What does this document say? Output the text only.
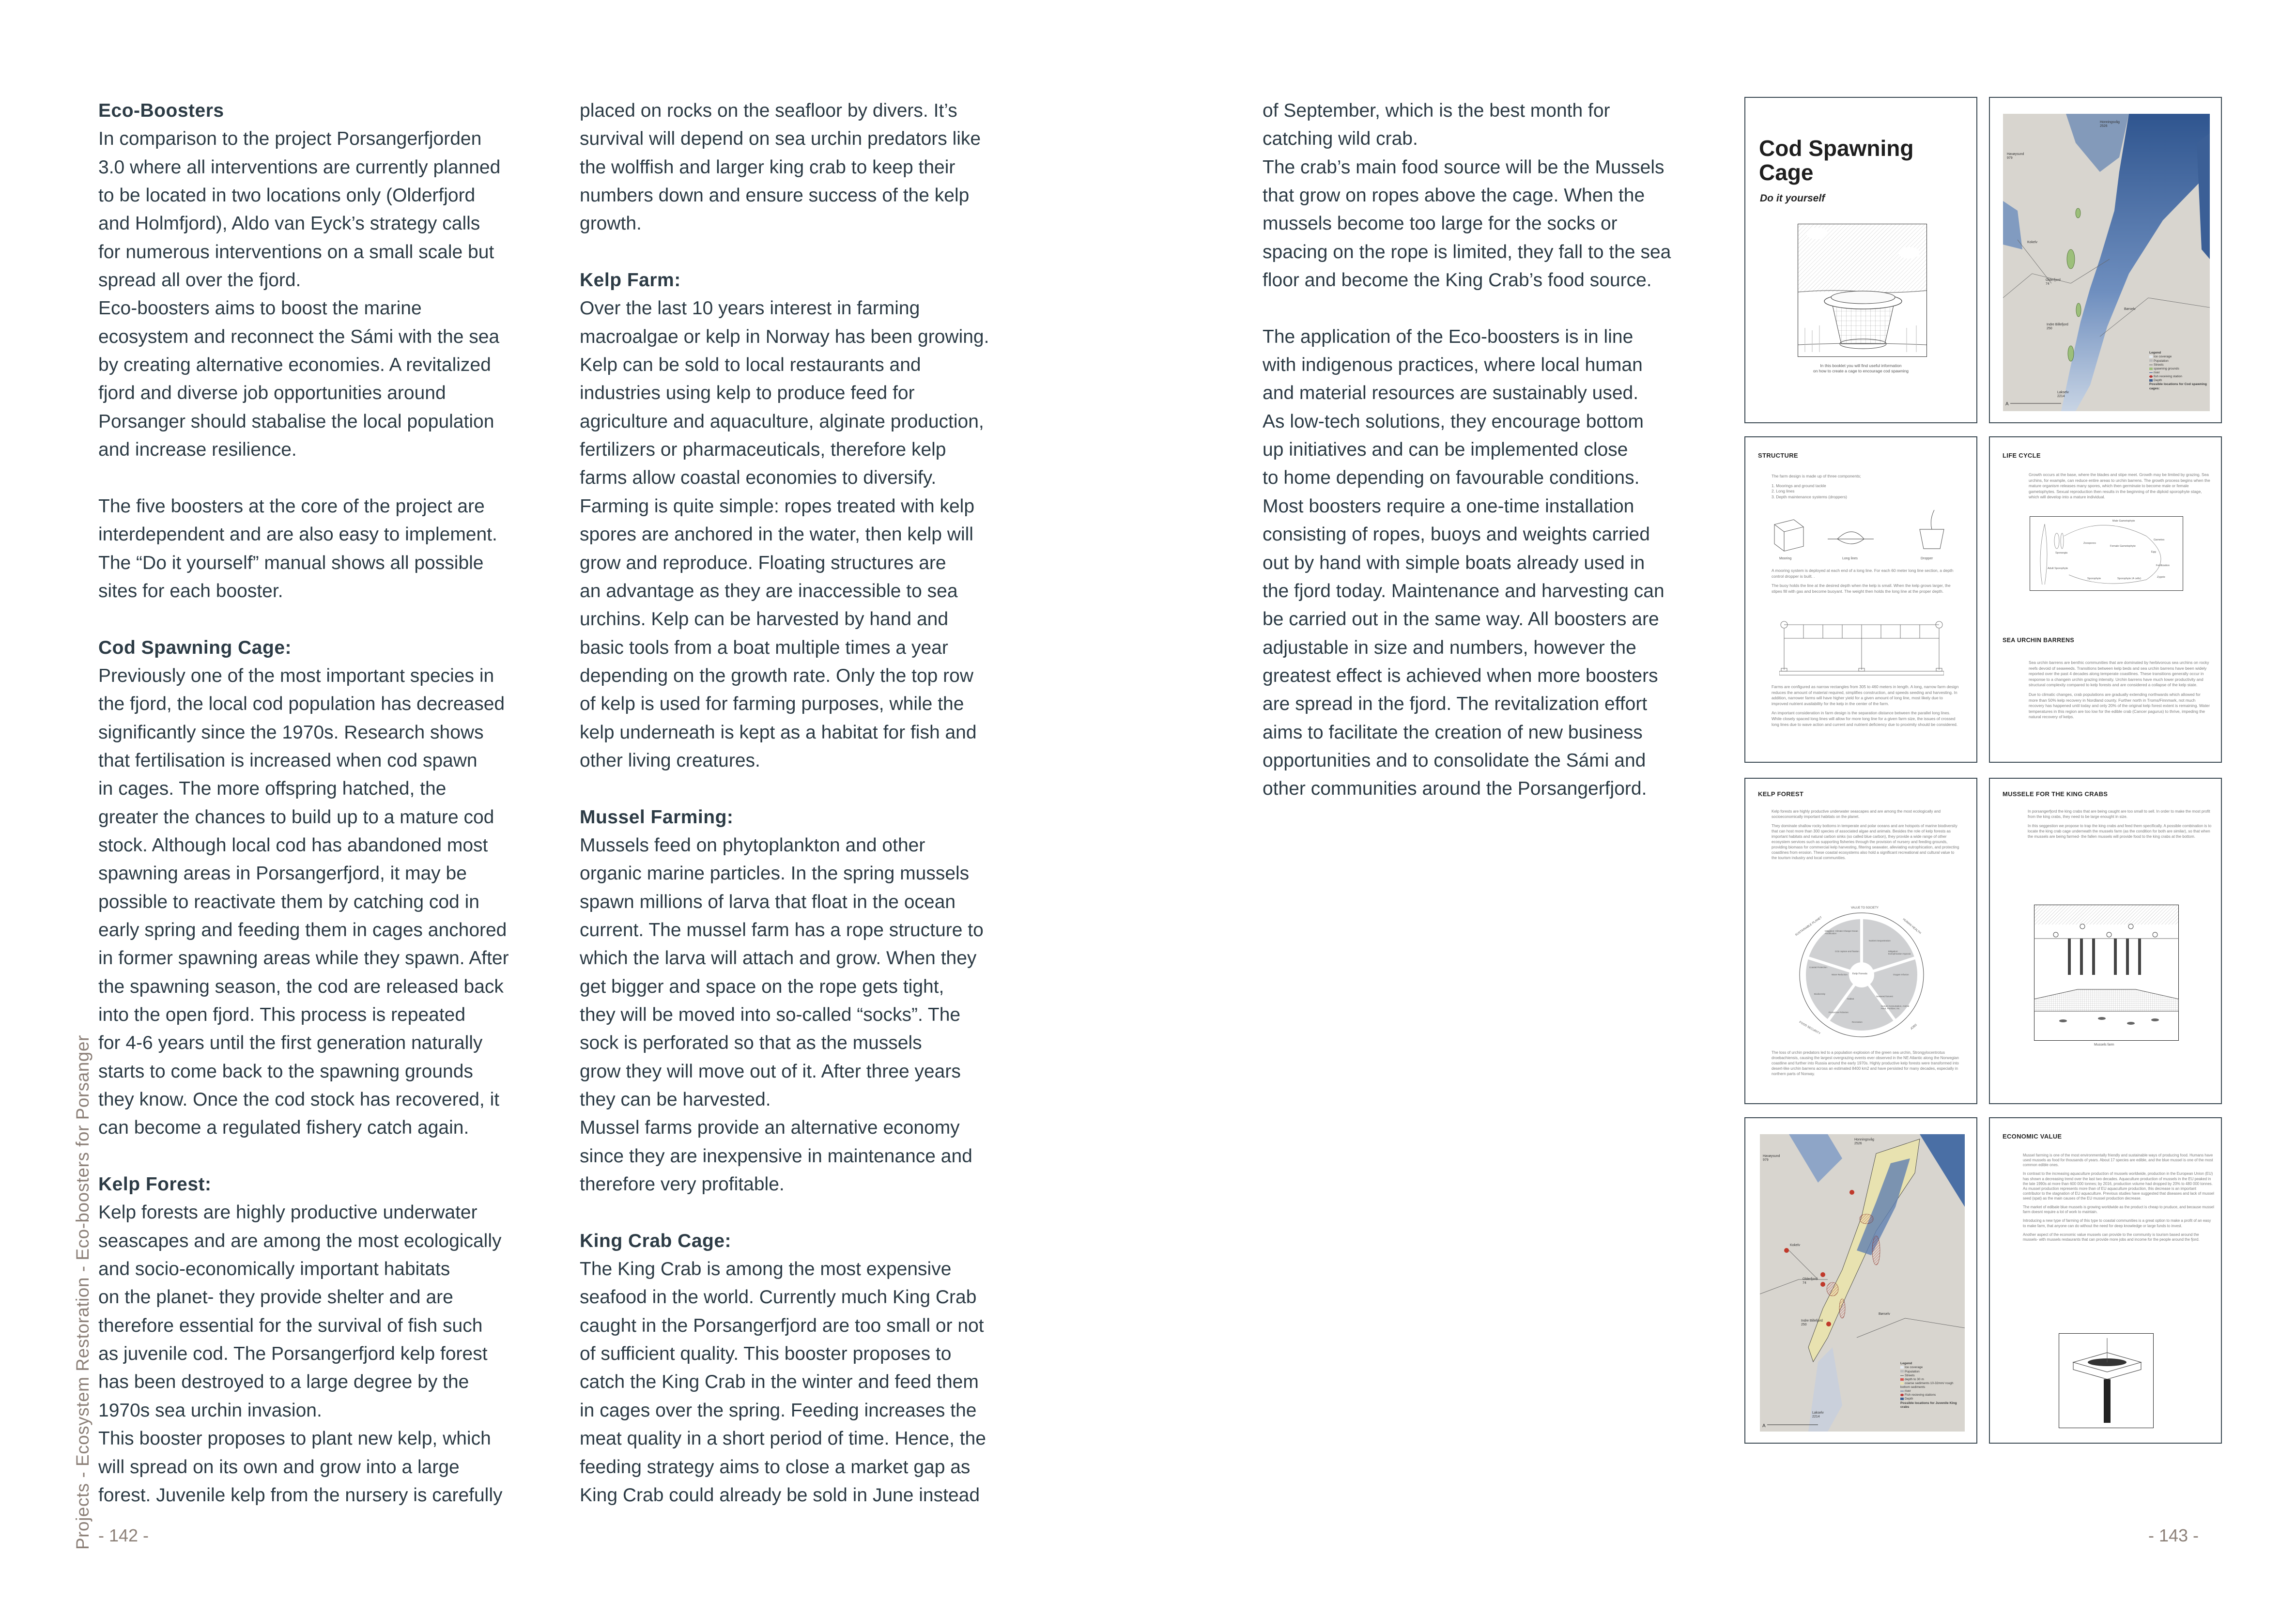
Projects - Ecosystem Restoration - Eco-boosters for Porsanger - 142 -	- 143 -
Eco-Boosters
In comparison to the project Porsangerfjorden
3.0 where all interventions are currently planned
to be located in two locations only (Olderfjord
and Holmfjord), Aldo van Eyck’s strategy calls
for numerous interventions on a small scale but
spread all over the fjord.
Eco-boosters aims to boost the marine
ecosystem and reconnect the Sámi with the sea
by creating alternative economies. A revitalized
fjord and diverse job opportunities around
Porsanger should stabalise the local population
and increase resilience.
The five boosters at the core of the project are
interdependent and are also easy to implement.
The “Do it yourself” manual shows all possible
sites for each booster.
Cod Spawning Cage:
Previously one of the most important species in
the fjord, the local cod population has decreased
significantly since the 1970s. Research shows
that fertilisation is increased when cod spawn
in cages. The more offspring hatched, the
greater the chances to build up to a mature cod
stock. Although local cod has abandoned most
spawning areas in Porsangerfjord, it may be
possible to reactivate them by catching cod in
early spring and feeding them in cages anchored
in former spawning areas while they spawn. After
the spawning season, the cod are released back
into the open fjord. This process is repeated
for 4-6 years until the first generation naturally
starts to come back to the spawning grounds
they know. Once the cod stock has recovered, it
can become a regulated fishery catch again.
Kelp Forest:
Kelp forests are highly productive underwater
seascapes and are among the most ecologically
and socio-economically important habitats
on the planet- they provide shelter and are
therefore essential for the survival of fish such
as juvenile cod. The Porsangerfjord kelp forest
has been destroyed to a large degree by the
1970s sea urchin invasion.
This booster proposes to plant new kelp, which
will spread on its own and grow into a large
forest. Juvenile kelp from the nursery is carefully
placed on rocks on the seafloor by divers. It’s
survival will depend on sea urchin predators like
the wolffish and larger king crab to keep their
numbers down and ensure success of the kelp
growth.
Kelp Farm:
Over the last 10 years interest in farming
macroalgae or kelp in Norway has been growing.
Kelp can be sold to local restaurants and
industries using kelp to produce feed for
agriculture and aquaculture, alginate production,
fertilizers or pharmaceuticals, therefore kelp
farms allow coastal economies to diversify.
Farming is quite simple: ropes treated with kelp
spores are anchored in the water, then kelp will
grow and reproduce. Floating structures are
an advantage as they are inaccessible to sea
urchins. Kelp can be harvested by hand and
basic tools from a boat multiple times a year
depending on the growth rate. Only the top row
of kelp is used for farming purposes, while the
kelp underneath is kept as a habitat for fish and
other living creatures.
Mussel Farming:
Mussels feed on phytoplankton and other
organic marine particles. In the spring mussels
spawn millions of larva that float in the ocean
current. The mussel farm has a rope structure to
which the larva will attach and grow. When they
get bigger and space on the rope gets tight,
they will be moved into so-called “socks”. The
sock is perforated so that as the mussels
grow they will move out of it. After three years
they can be harvested.
Mussel farms provide an alternative economy
since they are inexpensive in maintenance and
therefore very profitable.
King Crab Cage:
The King Crab is among the most expensive
seafood in the world. Currently much King Crab
caught in the Porsangerfjord are too small or not
of sufficient quality. This booster proposes to
catch the King Crab in the winter and feed them
in cages over the spring. Feeding increases the
meat quality in a short period of time. Hence, the
feeding strategy aims to close a market gap as
King Crab could already be sold in June instead
of September, which is the best month for
catching wild crab.
The crab’s main food source will be the Mussels
that grow on ropes above the cage. When the
mussels become too large for the socks or
spacing on the rope is limited, they fall to the sea
floor and become the King Crab’s food source.
The application of the Eco-boosters is in line
with indigenous practices, where local human
and material resources are sustainably used.
As low-tech solutions, they encourage bottom
up initiatives and can be implemented close
to home depending on favourable conditions.
Most boosters require a one-time installation
consisting of ropes, buoys and weights carried
out by hand with simple boats already used in
the fjord today. Maintenance and harvesting can
be carried out in the same way. All boosters are
adjustable in size and numbers, however the
greatest effect is achieved when more boosters
are spread in the fjord. The revitalization effort
aims to facilitate the creation of new business
opportunities and to consolidate the Sámi and
other communities around the Porsangerfjord.
Cod Spawning
Cage
Do it yourself
In this booklet you will find useful information
on how to create a cage to encourage cod spawning
A
Honningsvåg
2526
Havøysund
979
Kokelv
Olderfjord
74
Børselv
Indre Billefjord
250
Lakselv
2214
Legend
Ice coverage
Population
Streets
spawning grounds
river
fish receiving station
Depth
Possible locations for Cod spawning cages:
STRUCTURE

The farm design is made up of three components;

1. Moorings and ground tackle
2. Long lines
3. Depth maintenance systems (droppers)
Mooring	Long lines	Dropper

A mooring system is deployed at each end of a long line. For each 60 meter long line section, a depth control dropper is built. .

The buoy holds the line at the desired depth when the kelp is small. When the kelp grows larger, the stipes fill with gas and become buoyant. The weight then holds the long line at the proper depth.

Farms are configured as narrow rectangles from 305 to 460 meters in length. A long, narrow farm design reduces the amount of material required, simplifies construction, and speeds seeding and harvesting. In addition, narrower farms will have higher yield for a given amount of long line, most likely due to improved nutrient availability for the kelp in the center of the farm.

An important consideration in farm design is the separation distance between the parallel long lines. While closely spaced long lines will allow for more long line for a given farm size, the issues of crossed long lines due to wave action and current and nutrient deficiency due to proximity should be considered.

LIFE CYCLE

Growth occurs at the base, where the blades and stipe meet. Growth may be limited by grazing. Sea urchins, for example, can reduce entire areas to urchin barrens. The growth process begins when the mature organism releases many spores, which then germinate to become male or female gametophytes. Sexual reproduction then results in the beginning of the diploid sporophyte stage, which will develop into a mature individual.

Male Gametophyte
Gametes
Zoospores
Female Gametophyte
Egg
Sporangia
Fertilization
Adult Sporophyte
Zygote
Sporophyte	Sporophyte (4 cells)
SEA URCHIN BARRENS

Sea urchin barrens are benthic communities that are dominated by herbivorous sea urchins on rocky reefs devoid of seaweeds. Transitions between kelp beds and sea urchin barrens have been widely reported over the past 4 decades along temperate coastlines. These transitions generally occur in response to a changein urchin grazing intensity. Urchin barrens have much lower productivity and structural complexity compared to kelp forests and are considered a collapse of the kelp state.

Due to climatic changes, crab populations are gradually extending northwards which allowed for more than 50% kelp recovery in Nordland county. Further north in Troms/Finnmark, not much recovery has happened until today and only 20% of the original kelp forest extent is remaining. Water temperatures in this region are too low for the edible crab (Cancer pagurus) to thrive, impeding the natural recovery of kelps.

KELP FOREST

Kelp forests are highly productive underwater seascapes and are among the most ecologically and socioeconomically important habitats on the planet.

They dominate shallow rocky bottoms in temperate and polar oceans and are hotspots of marine biodiversity that can host more than 300 species of associated algae and animals. Besides the role of kelp forests as important habitats and natural carbon sinks (so called blue carbon), they provide a wide range of other ecosystem services such as supporting fisheries through the provision of nursery and feeding grounds, providing biomass for commercial kelp harvesting, filtering seawater, alleviating eutrophication, and protecting coastlines from erosion. These coastal ecosystems also hold a significant recreational and cultural value to the tourism industry and local communities.

VALUE TO SOCIETY
SUSTAINABLE PLANET	HUMAN HEALTH
FOOD SECURITY	JOBS
Kelp Forests
Mitigation: Climate Change Ocean Acidification
CO2 capture and fixation
Nutrient Sequestration
Mitigation: Eutrophication Hypoxia
Oxygen Infusion
Coastal Protection
Wave Reduction
Biodiversity
Habitat
Productive Fisheries
Recreation
Seaweed harvest
Human Consumption, Animal Feed, Fertilizer, etc.

The loss of urchin predators led to a population explosion of the green sea urchin, Strongylocentrotus droebachiensis, causing the largest overgrazing events ever observed in the NE Atlantic along the Norwegian coastline and further into Russia around the early 1970s. Highly productive kelp forests were transformed into desert-like urchin barrens across an estimated 8400 km2 and have persisted for many decades, especially in northern parts of Norway.

MUSSELE FOR THE KING CRABS

In porsangerfjord the king crabs that are being caught are too small to sell. In order to make the most profit from the king crabs, they need to be large enought in size.

In this seggestion we propose to trap the king crabs and feed them specifically. A possible combination is to locate the king crab cage underneath the mussels farm (as the condition for both are similar), so that when the mussels are being farmed- the fallen mussels will provide food to the king crabs at the bottom.

Mussels farm
A
Honningsvåg
2526
Havøysund
979
Kokelv
Olderfjord
74
Børselv
Indre Billefjord
250
Lakselv
2214
Legend
Ice coverage
Population
Streets
depth to 30 m
coarse sediments 10-32mm/ rough bottom sediments
river
Fish recieving stations
Depth
Possible locations for Juvenile King crabs
ECONOMIC VALUE

Mussel farming is one of the most environmentally friendly and sustainable ways of producing food. Humans have used mussels as food for thousands of years. About 17 species are edible, and the blue mussel is one of the most common edible ones.

In contrast to the increasing aquaculture production of mussels worldwide, production in the European Union (EU) has shown a decreasing trend over the last two decades. Aquaculture production of mussels in the EU peaked in the late 1990s at more than 600 000 tonnes; by 2016, production volume had dropped by 20% to 480 000 tonnes. As mussel production represents more than of EU aquaculture production, this decrease is an important contributor to the stagnation of EU aquaculture. Previous studies have suggested that diseases and lack of mussel seed (spat) as the main causes of the EU mussel production decrease.

The market of edibale blue mussels is growing worldwide as the product is cheap to pruduce, and because mussel farm doesnt require a lot of work to maintain.

Introducing a new type of farming of this type to coastal communities is a great option to make a profit of an easy to make farm, that anyone can do without the need for deep knowledge or large funds to invest.

Another aspect of the economic value mussels can provide to the community is tourism based around the mussels- with mussels restaurants that can provide more jobs and income for the people around the fjord.
